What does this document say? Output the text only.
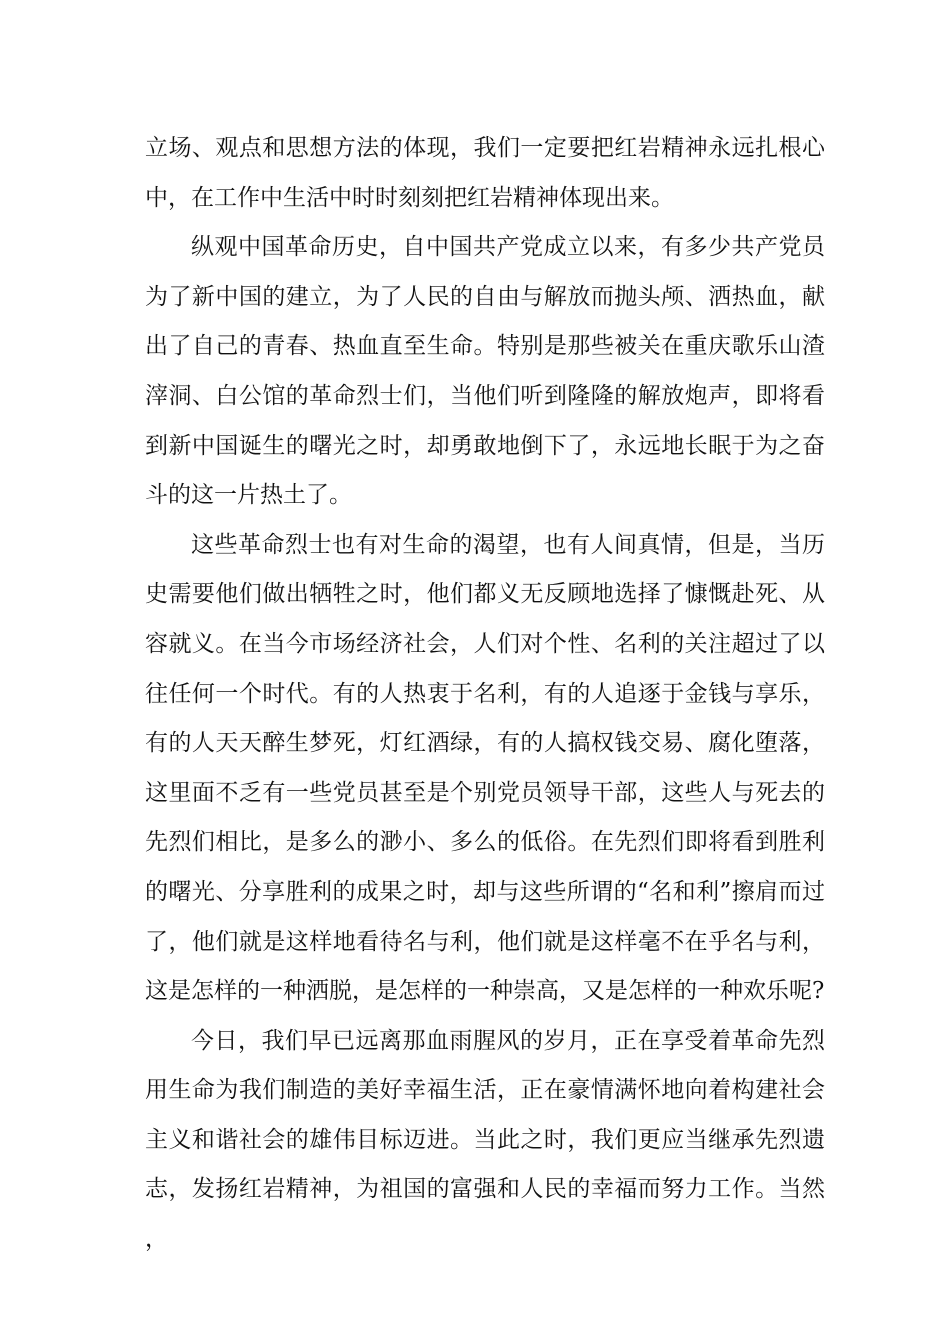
立场、观点和思想方法的体现，我们一定要把红岩精神永远扎根心中，在工作中生活中时时刻刻把红岩精神体现出来。

纵观中国革命历史，自中国共产党成立以来，有多少共产党员为了新中国的建立，为了人民的自由与解放而抛头颅、洒热血，献出了自己的青春、热血直至生命。特别是那些被关在重庆歌乐山渣滓洞、白公馆的革命烈士们，当他们听到隆隆的解放炮声，即将看到新中国诞生的曙光之时，却勇敢地倒下了，永远地长眠于为之奋斗的这一片热土了。

这些革命烈士也有对生命的渴望，也有人间真情，但是，当历史需要他们做出牺牲之时，他们都义无反顾地选择了慷慨赴死、从容就义。在当今市场经济社会，人们对个性、名利的关注超过了以往任何一个时代。有的人热衷于名利，有的人追逐于金钱与享乐，有的人天天醉生梦死，灯红酒绿，有的人搞权钱交易、腐化堕落，这里面不乏有一些党员甚至是个别党员领导干部，这些人与死去的先烈们相比，是多么的渺小、多么的低俗。在先烈们即将看到胜利的曙光、分享胜利的成果之时，却与这些所谓的“名和利”擦肩而过了，他们就是这样地看待名与利，他们就是这样毫不在乎名与利，这是怎样的一种洒脱，是怎样的一种崇高，又是怎样的一种欢乐呢?

今日，我们早已远离那血雨腥风的岁月，正在享受着革命先烈用生命为我们制造的美好幸福生活，正在豪情满怀地向着构建社会主义和谐社会的雄伟目标迈进。当此之时，我们更应当继承先烈遗志，发扬红岩精神，为祖国的富强和人民的幸福而努力工作。当然，
